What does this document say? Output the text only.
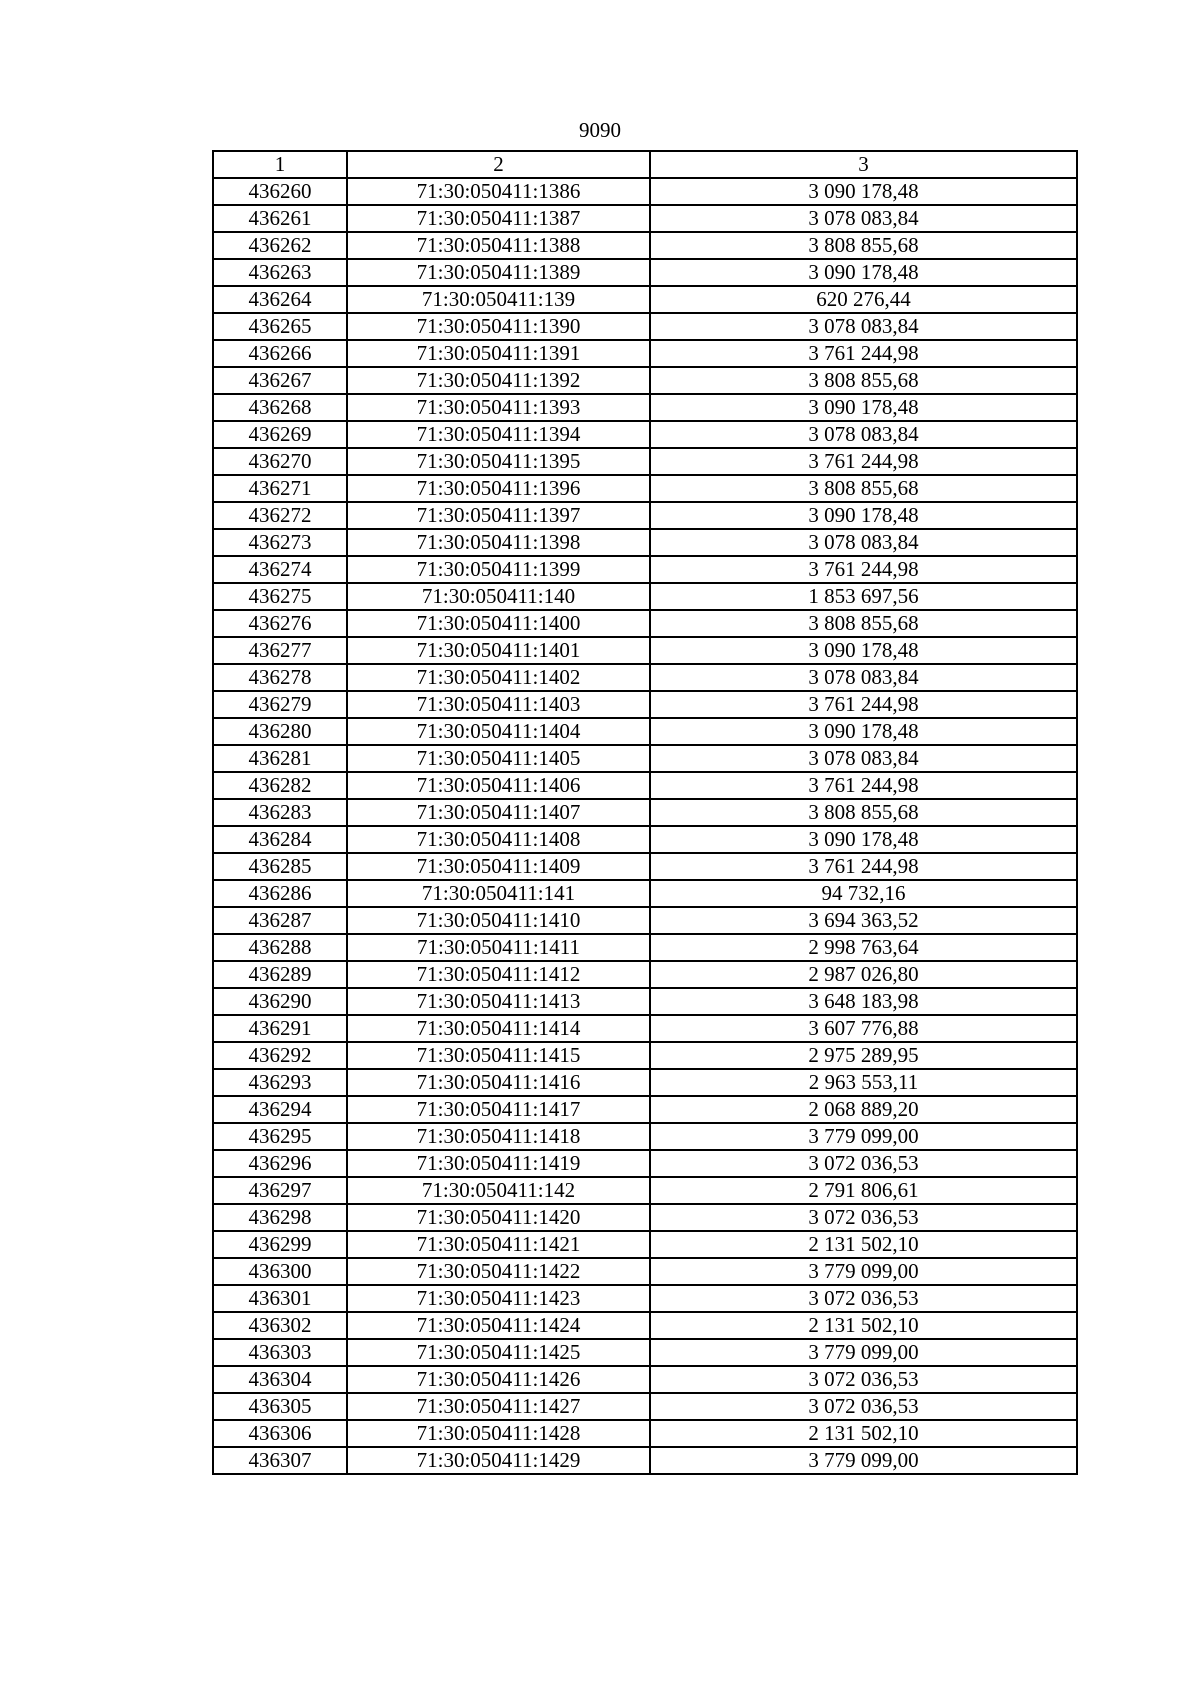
9090
1	2	3
436260	71:30:050411:1386	3 090 178,48
436261	71:30:050411:1387	3 078 083,84
436262	71:30:050411:1388	3 808 855,68
436263	71:30:050411:1389	3 090 178,48
436264	71:30:050411:139	620 276,44
436265	71:30:050411:1390	3 078 083,84
436266	71:30:050411:1391	3 761 244,98
436267	71:30:050411:1392	3 808 855,68
436268	71:30:050411:1393	3 090 178,48
436269	71:30:050411:1394	3 078 083,84
436270	71:30:050411:1395	3 761 244,98
436271	71:30:050411:1396	3 808 855,68
436272	71:30:050411:1397	3 090 178,48
436273	71:30:050411:1398	3 078 083,84
436274	71:30:050411:1399	3 761 244,98
436275	71:30:050411:140	1 853 697,56
436276	71:30:050411:1400	3 808 855,68
436277	71:30:050411:1401	3 090 178,48
436278	71:30:050411:1402	3 078 083,84
436279	71:30:050411:1403	3 761 244,98
436280	71:30:050411:1404	3 090 178,48
436281	71:30:050411:1405	3 078 083,84
436282	71:30:050411:1406	3 761 244,98
436283	71:30:050411:1407	3 808 855,68
436284	71:30:050411:1408	3 090 178,48
436285	71:30:050411:1409	3 761 244,98
436286	71:30:050411:141	94 732,16
436287	71:30:050411:1410	3 694 363,52
436288	71:30:050411:1411	2 998 763,64
436289	71:30:050411:1412	2 987 026,80
436290	71:30:050411:1413	3 648 183,98
436291	71:30:050411:1414	3 607 776,88
436292	71:30:050411:1415	2 975 289,95
436293	71:30:050411:1416	2 963 553,11
436294	71:30:050411:1417	2 068 889,20
436295	71:30:050411:1418	3 779 099,00
436296	71:30:050411:1419	3 072 036,53
436297	71:30:050411:142	2 791 806,61
436298	71:30:050411:1420	3 072 036,53
436299	71:30:050411:1421	2 131 502,10
436300	71:30:050411:1422	3 779 099,00
436301	71:30:050411:1423	3 072 036,53
436302	71:30:050411:1424	2 131 502,10
436303	71:30:050411:1425	3 779 099,00
436304	71:30:050411:1426	3 072 036,53
436305	71:30:050411:1427	3 072 036,53
436306	71:30:050411:1428	2 131 502,10
436307	71:30:050411:1429	3 779 099,00
